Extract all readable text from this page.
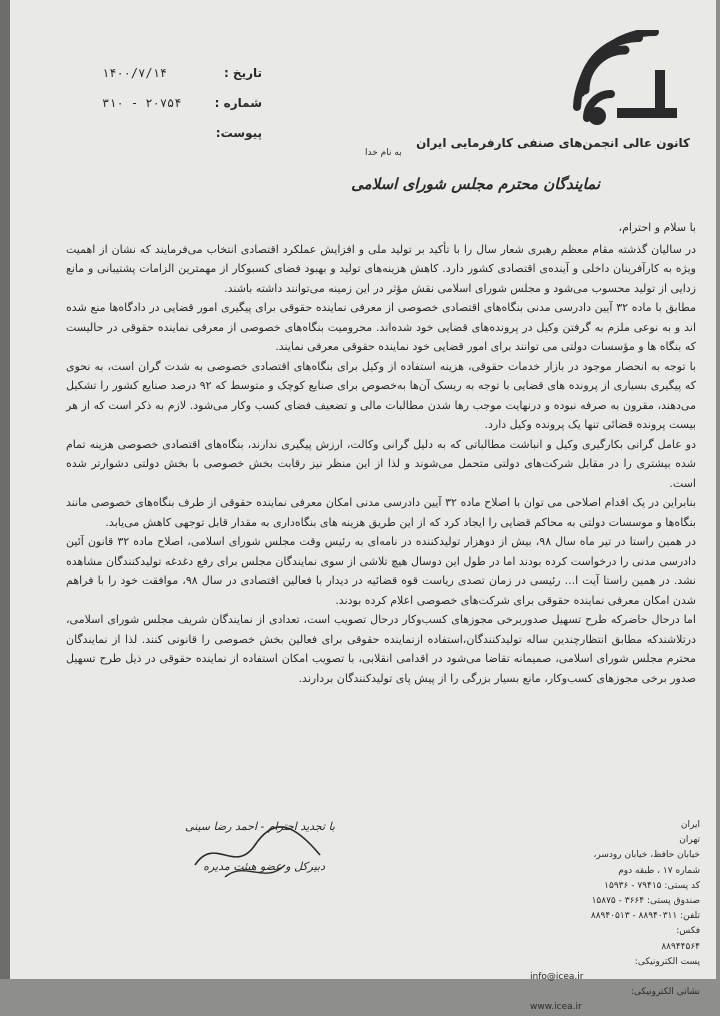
تاریخ :
۱۴۰۰/۷/۱۴
شماره :
۲۰۷۵۴ - ۳۱۰
پیوست:
کانون عالی انجمن‌های صنفی کارفرمایی ایران
به نام خدا
نمایندگان محترم مجلس شورای اسلامی

با سلام و احترام،

در سالیان گذشته مقام معظم رهبری شعار سال را با تأکید بر تولید ملی و افزایش عملکرد اقتصادی انتخاب می‌فرمایند که نشان از اهمیت ویژه به کارآفرینان داخلی و آینده‌ی اقتصادی کشور دارد. کاهش هزینه‌های تولید و بهبود فضای کسبوکار از مهمترین الزامات پشتیبانی و مانع زدایی از تولید محسوب می‌شود و مجلس شورای اسلامی نقش مؤثر در این زمینه می‌توانند داشته باشند.

مطابق با ماده ۳۲ آیین دادرسی مدنی بنگاه‌های اقتصادی خصوصی از معرفی نماینده حقوقی برای پیگیری امور قضایی در دادگاه‌ها منع شده اند و به نوعی ملزم به گرفتن وکیل در پرونده‌های قضایی خود شده‌اند. محرومیت بنگاه‌های خصوصی از معرفی نماینده حقوقی در حالیست که بنگاه ها و مؤسسات دولتی می توانند برای امور قضایی خود نماینده حقوقی معرفی نمایند.

با توجه به انحصار موجود در بازار خدمات حقوقی، هزینه استفاده از وکیل برای بنگاه‌های اقتصادی خصوصی به شدت گران است، به نحوی که پیگیری بسیاری از پرونده های قضایی با توجه به ریسک آن‌ها به‌خصوص برای صنایع کوچک و متوسط که ۹۲ درصد صنایع کشور را تشکیل می‌دهند، مقرون به صرفه نبوده و درنهایت موجب رها شدن مطالبات مالی و تضعیف فضای کسب وکار می‌شود. لازم به ذکر است که از هر بیست پرونده قضائی تنها یک پرونده وکیل دارد.

دو عامل گرانی بکارگیری وکیل و انباشت مطالباتی که به دلیل گرانی وکالت، ارزش پیگیری ندارند، بنگاه‌های اقتصادی خصوصی هزینه تمام شده بیشتری را در مقابل شرکت‌های دولتی متحمل می‌شوند و لذا از این منظر نیز رقابت بخش خصوصی با بخش دولتی دشوارتر شده است.

بنابراین در یک اقدام اصلاحی می توان با اصلاح ماده ۳۲ آیین دادرسی مدنی امکان معرفی نماینده حقوقی از طرف بنگاه‌های خصوصی مانند بنگاه‌ها و موسسات دولتی به محاکم قضایی را ایجاد کرد که از این طریق هزینه های بنگاه‌داری به مقدار قابل توجهی کاهش می‌یابد.

در همین راستا در تیر ماه سال ۹۸، بیش از دوهزار تولیدکننده در نامه‌ای به رئیس وقت مجلس شورای اسلامی، اصلاح ماده ۳۲ قانون آئین دادرسی مدنی را درخواست کرده بودند اما در طول این دوسال هیچ تلاشی از سوی نمایندگان مجلس برای رفع دغدغه تولیدکنندگان مشاهده نشد. در همین راستا آیت ا... رئیسی در زمان تصدی ریاست قوه قضائیه در دیدار با فعالین اقتصادی در سال ۹۸، موافقت خود را با فراهم شدن امکان معرفی نماینده حقوقی برای شرکت‌های خصوصی اعلام کرده بودند.

اما درحال حاضرکه طرح تسهیل صدوربرخی مجوزهای کسب‌وکار درحال تصویب است، تعدادی از نمایندگان شریف مجلس شورای اسلامی، درتلاشندکه مطابق انتظارچندین ساله تولیدکنندگان،استفاده ازنماینده حقوقی برای فعالین بخش خصوصی را قانونی کنند. لذا از نمایندگان محترم مجلس شورای اسلامی، صمیمانه تقاضا می‌شود در اقدامی انقلابی، با تصویب امکان استفاده از نماینده حقوقی در ذیل طرح تسهیل صدور برخی مجوزهای کسب‌وکار، مانع بسیار بزرگی را از پیش پای تولیدکنندگان بردارند.

با تجدید احترام - احمد رضا سینی
دبیرکل و عضو هیئت مدیره
ایران
تهران
خیابان حافظ، خیابان رودسر،
شماره ۱۷ ، طبقه دوم
کد پستی: ۷۹۴۱۵ - ۱۵۹۳۶
صندوق پستی: ۳۶۶۴ - ۱۵۸۷۵
تلفن: ۸۸۹۴۰۳۱۱ - ۸۸۹۴۰۵۱۳
فکس:
۸۸۹۴۴۵۶۴
پست الکترونیکی:
info@icea.ir
نشانی الکترونیکی:
www.icea.ir
